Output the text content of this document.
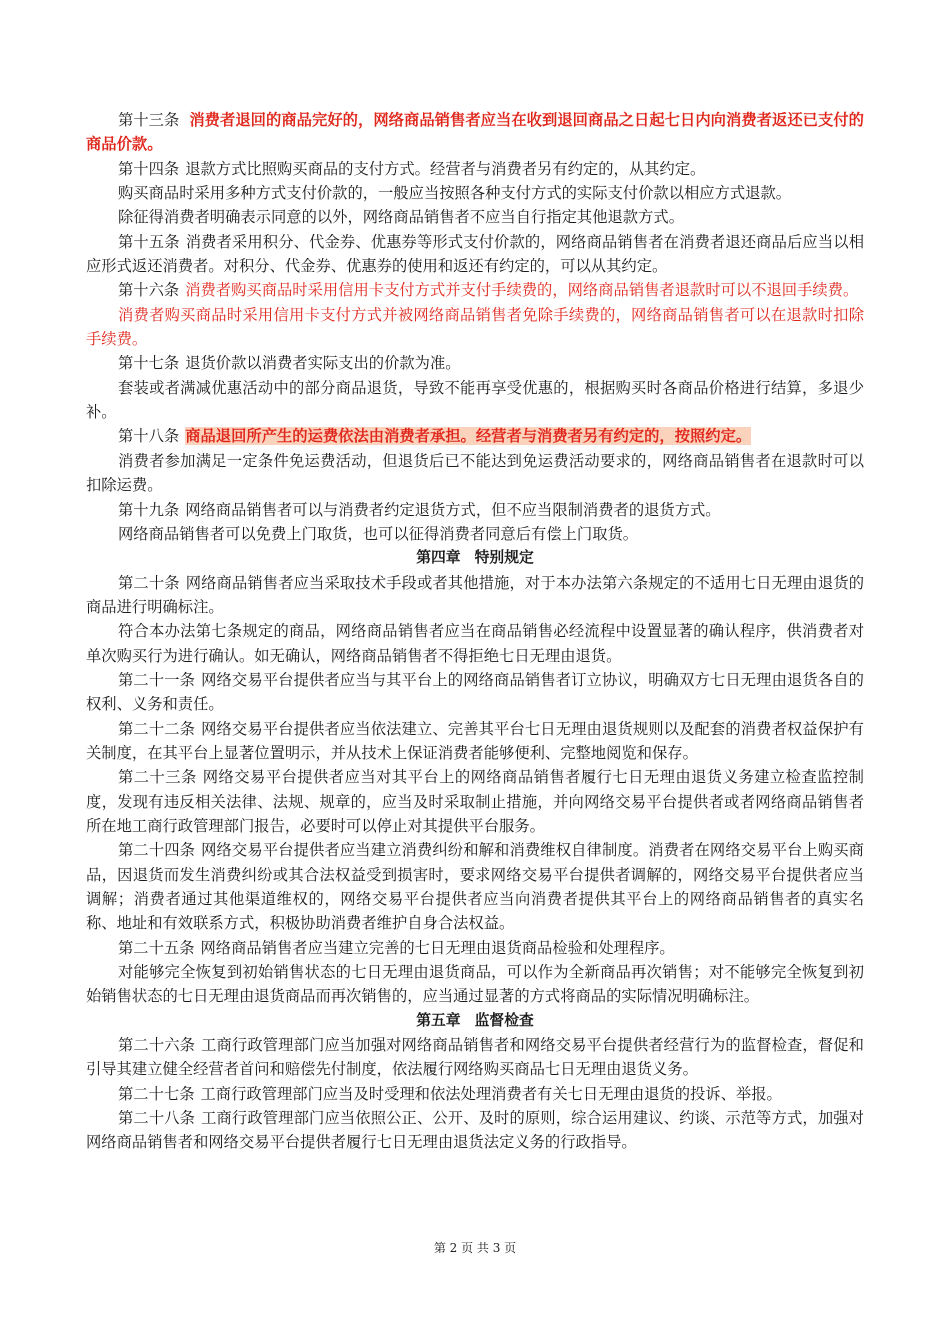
第十三条 消费者退回的商品完好的，网络商品销售者应当在收到退回商品之日起七日内向消费者返还已支付的商品价款。

第十四条 退款方式比照购买商品的支付方式。经营者与消费者另有约定的，从其约定。

购买商品时采用多种方式支付价款的，一般应当按照各种支付方式的实际支付价款以相应方式退款。

除征得消费者明确表示同意的以外，网络商品销售者不应当自行指定其他退款方式。

第十五条 消费者采用积分、代金券、优惠券等形式支付价款的，网络商品销售者在消费者退还商品后应当以相应形式返还消费者。对积分、代金券、优惠券的使用和返还有约定的，可以从其约定。

第十六条 消费者购买商品时采用信用卡支付方式并支付手续费的，网络商品销售者退款时可以不退回手续费。

消费者购买商品时采用信用卡支付方式并被网络商品销售者免除手续费的，网络商品销售者可以在退款时扣除手续费。

第十七条 退货价款以消费者实际支出的价款为准。

套装或者满减优惠活动中的部分商品退货，导致不能再享受优惠的，根据购买时各商品价格进行结算，多退少补。

第十八条 商品退回所产生的运费依法由消费者承担。经营者与消费者另有约定的，按照约定。

消费者参加满足一定条件免运费活动，但退货后已不能达到免运费活动要求的，网络商品销售者在退款时可以扣除运费。

第十九条 网络商品销售者可以与消费者约定退货方式，但不应当限制消费者的退货方式。

网络商品销售者可以免费上门取货，也可以征得消费者同意后有偿上门取货。

第四章 特别规定

第二十条 网络商品销售者应当采取技术手段或者其他措施，对于本办法第六条规定的不适用七日无理由退货的商品进行明确标注。

符合本办法第七条规定的商品，网络商品销售者应当在商品销售必经流程中设置显著的确认程序，供消费者对单次购买行为进行确认。如无确认，网络商品销售者不得拒绝七日无理由退货。

第二十一条 网络交易平台提供者应当与其平台上的网络商品销售者订立协议，明确双方七日无理由退货各自的权利、义务和责任。

第二十二条 网络交易平台提供者应当依法建立、完善其平台七日无理由退货规则以及配套的消费者权益保护有关制度，在其平台上显著位置明示，并从技术上保证消费者能够便利、完整地阅览和保存。

第二十三条 网络交易平台提供者应当对其平台上的网络商品销售者履行七日无理由退货义务建立检查监控制度，发现有违反相关法律、法规、规章的，应当及时采取制止措施，并向网络交易平台提供者或者网络商品销售者所在地工商行政管理部门报告，必要时可以停止对其提供平台服务。

第二十四条 网络交易平台提供者应当建立消费纠纷和解和消费维权自律制度。消费者在网络交易平台上购买商品，因退货而发生消费纠纷或其合法权益受到损害时，要求网络交易平台提供者调解的，网络交易平台提供者应当调解；消费者通过其他渠道维权的，网络交易平台提供者应当向消费者提供其平台上的网络商品销售者的真实名称、地址和有效联系方式，积极协助消费者维护自身合法权益。

第二十五条 网络商品销售者应当建立完善的七日无理由退货商品检验和处理程序。

对能够完全恢复到初始销售状态的七日无理由退货商品，可以作为全新商品再次销售；对不能够完全恢复到初始销售状态的七日无理由退货商品而再次销售的，应当通过显著的方式将商品的实际情况明确标注。

第五章 监督检查

第二十六条 工商行政管理部门应当加强对网络商品销售者和网络交易平台提供者经营行为的监督检查，督促和引导其建立健全经营者首问和赔偿先付制度，依法履行网络购买商品七日无理由退货义务。

第二十七条 工商行政管理部门应当及时受理和依法处理消费者有关七日无理由退货的投诉、举报。

第二十八条 工商行政管理部门应当依照公正、公开、及时的原则，综合运用建议、约谈、示范等方式，加强对网络商品销售者和网络交易平台提供者履行七日无理由退货法定义务的行政指导。

第 2 页 共 3 页
